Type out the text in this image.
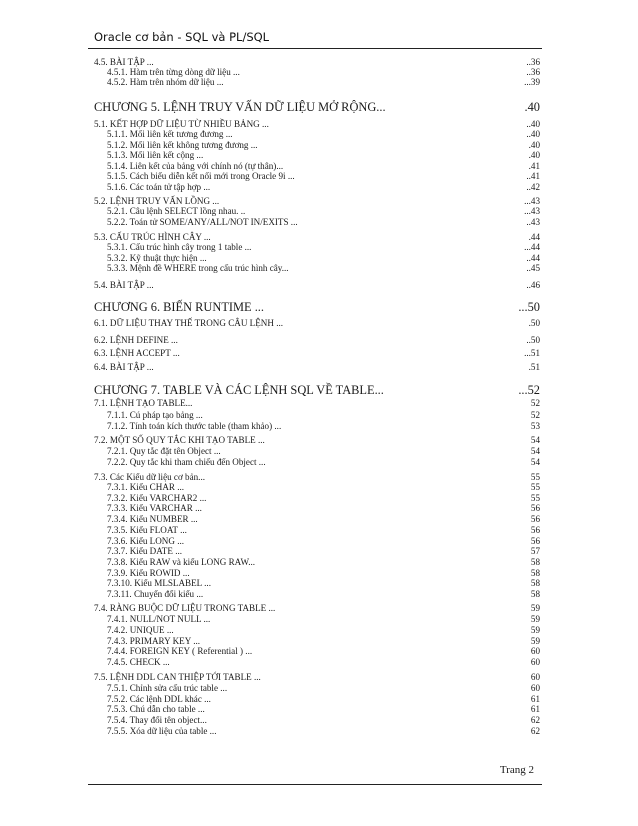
Oracle cơ bản - SQL và PL/SQL
4.5. BÀI TẬP ...	..36
4.5.1. Hàm trên từng dòng dữ liệu ...	..36
4.5.2. Hàm trên nhóm dữ liệu ...	...39
CHƯƠNG 5. LỆNH TRUY VẤN DỮ LIỆU MỞ RỘNG...	.40
5.1. KẾT HỢP DỮ LIỆU TỪ NHIỀU BẢNG ...	..40
5.1.1. Mối liên kết tương đương ...	..40
5.1.2. Mối liên kết không tương đương ...	.40
5.1.3. Mối liên kết cộng ...	.40
5.1.4. Liên kết của bảng với chính nó (tự thân)...	.41
5.1.5. Cách biểu diễn kết nối mới trong Oracle 9i ...	..41
5.1.6. Các toán tử tập hợp ...	..42
5.2. LỆNH TRUY VẤN LỒNG ...	...43
5.2.1. Câu lệnh SELECT lồng nhau. ..	...43
5.2.2. Toán tử SOME/ANY/ALL/NOT IN/EXITS ...	..43
5.3. CẤU TRÚC HÌNH CÂY ...	.44
5.3.1. Cấu trúc hình cây trong 1 table ...	...44
5.3.2. Kỹ thuật thực hiện ...	..44
5.3.3. Mệnh đề WHERE trong cấu trúc hình cây...	..45
5.4. BÀI TẬP ...	..46
CHƯƠNG 6. BIẾN RUNTIME ...	...50
6.1. DỮ LIỆU THAY THẾ TRONG CÂU LỆNH ...	.50
6.2. LỆNH DEFINE ...	..50
6.3. LỆNH ACCEPT ...	...51
6.4. BÀI TẬP ...	.51
CHƯƠNG 7. TABLE VÀ CÁC LỆNH SQL VỀ TABLE...	...52
7.1. LỆNH TẠO TABLE...	52
7.1.1. Cú pháp tạo bảng ...	52
7.1.2. Tính toán kích thước table (tham khảo) ...	53
7.2. MỘT SỐ QUY TẮC KHI TẠO TABLE ...	54
7.2.1. Quy tắc đặt tên Object ...	54
7.2.2. Quy tắc khi tham chiếu đến Object ...	54
7.3. Các Kiểu dữ liệu cơ bản...	55
7.3.1. Kiểu CHAR ...	55
7.3.2. Kiểu VARCHAR2 ...	55
7.3.3. Kiểu VARCHAR ...	56
7.3.4. Kiểu NUMBER ...	56
7.3.5. Kiểu FLOAT ...	56
7.3.6. Kiểu LONG ...	56
7.3.7. Kiểu DATE ...	57
7.3.8. Kiểu RAW và kiểu LONG RAW...	58
7.3.9. Kiểu ROWID ...	58
7.3.10. Kiểu MLSLABEL ...	58
7.3.11. Chuyển đổi kiểu ...	58
7.4. RÀNG BUỘC DỮ LIỆU TRONG TABLE ...	59
7.4.1. NULL/NOT NULL ...	59
7.4.2. UNIQUE ...	59
7.4.3. PRIMARY KEY ...	59
7.4.4. FOREIGN KEY ( Referential ) ...	60
7.4.5. CHECK ...	60
7.5. LỆNH DDL CAN THIỆP TỚI TABLE ...	60
7.5.1. Chỉnh sửa cấu trúc table ...	60
7.5.2. Các lệnh DDL khác ...	61
7.5.3. Chú dẫn cho table ...	61
7.5.4. Thay đổi tên object...	62
7.5.5. Xóa dữ liệu của table ...	62
Trang 2
